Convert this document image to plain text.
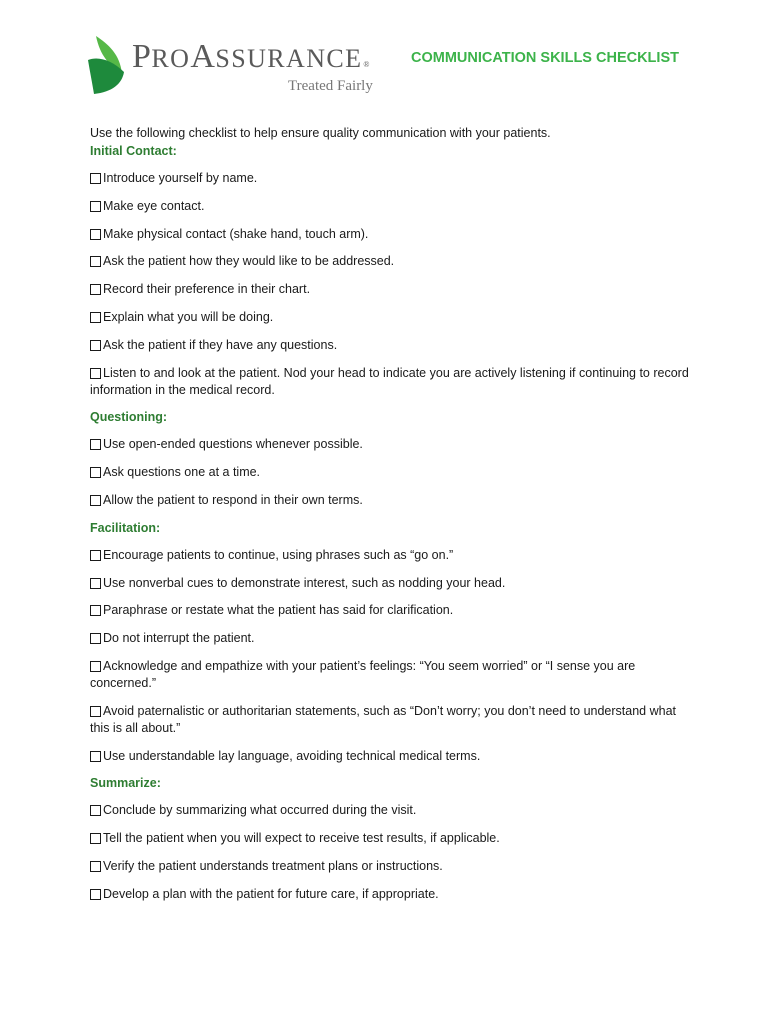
PROASSURANCE®
Treated Fairly
COMMUNICATION SKILLS CHECKLIST

Use the following checklist to help ensure quality communication with your patients.

Initial Contact:
Introduce yourself by name.
Make eye contact.
Make physical contact (shake hand, touch arm).
Ask the patient how they would like to be addressed.
Record their preference in their chart.
Explain what you will be doing.
Ask the patient if they have any questions.
Listen to and look at the patient. Nod your head to indicate you are actively listening if continuing to record information in the medical record.
Questioning:
Use open-ended questions whenever possible.
Ask questions one at a time.
Allow the patient to respond in their own terms.
Facilitation:
Encourage patients to continue, using phrases such as “go on.”
Use nonverbal cues to demonstrate interest, such as nodding your head.
Paraphrase or restate what the patient has said for clarification.
Do not interrupt the patient.
Acknowledge and empathize with your patient’s feelings: “You seem worried” or “I sense you are concerned.”
Avoid paternalistic or authoritarian statements, such as “Don’t worry; you don’t need to understand what this is all about.”
Use understandable lay language, avoiding technical medical terms.
Summarize:
Conclude by summarizing what occurred during the visit.
Tell the patient when you will expect to receive test results, if applicable.
Verify the patient understands treatment plans or instructions.
Develop a plan with the patient for future care, if appropriate.
